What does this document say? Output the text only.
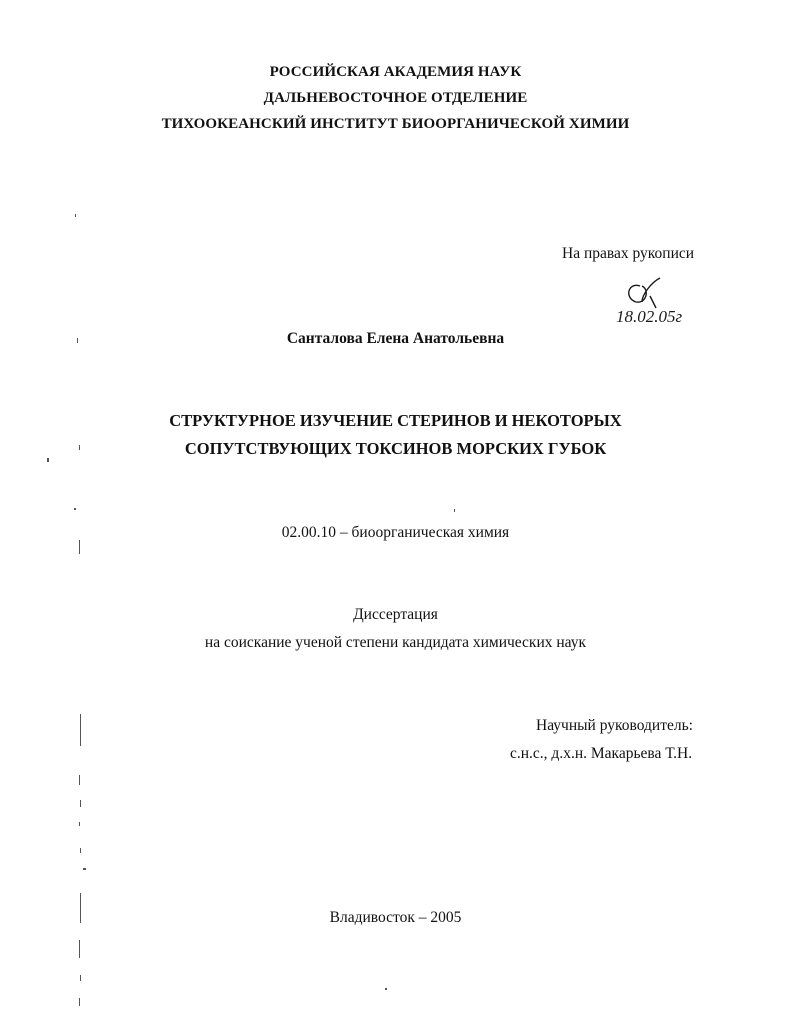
РОССИЙСКАЯ АКАДЕМИЯ НАУК
ДАЛЬНЕВОСТОЧНОЕ ОТДЕЛЕНИЕ
ТИХООКЕАНСКИЙ ИНСТИТУТ БИООРГАНИЧЕСКОЙ ХИМИИ
На правах рукописи
18.02.05г
Санталова Елена Анатольевна
СТРУКТУРНОЕ ИЗУЧЕНИЕ СТЕРИНОВ И НЕКОТОРЫХ
СОПУТСТВУЮЩИХ ТОКСИНОВ МОРСКИХ ГУБОК
02.00.10 – биоорганическая химия
Диссертация
на соискание ученой степени кандидата химических наук
Научный руководитель:
с.н.с., д.х.н. Макарьева Т.Н.
Владивосток – 2005
